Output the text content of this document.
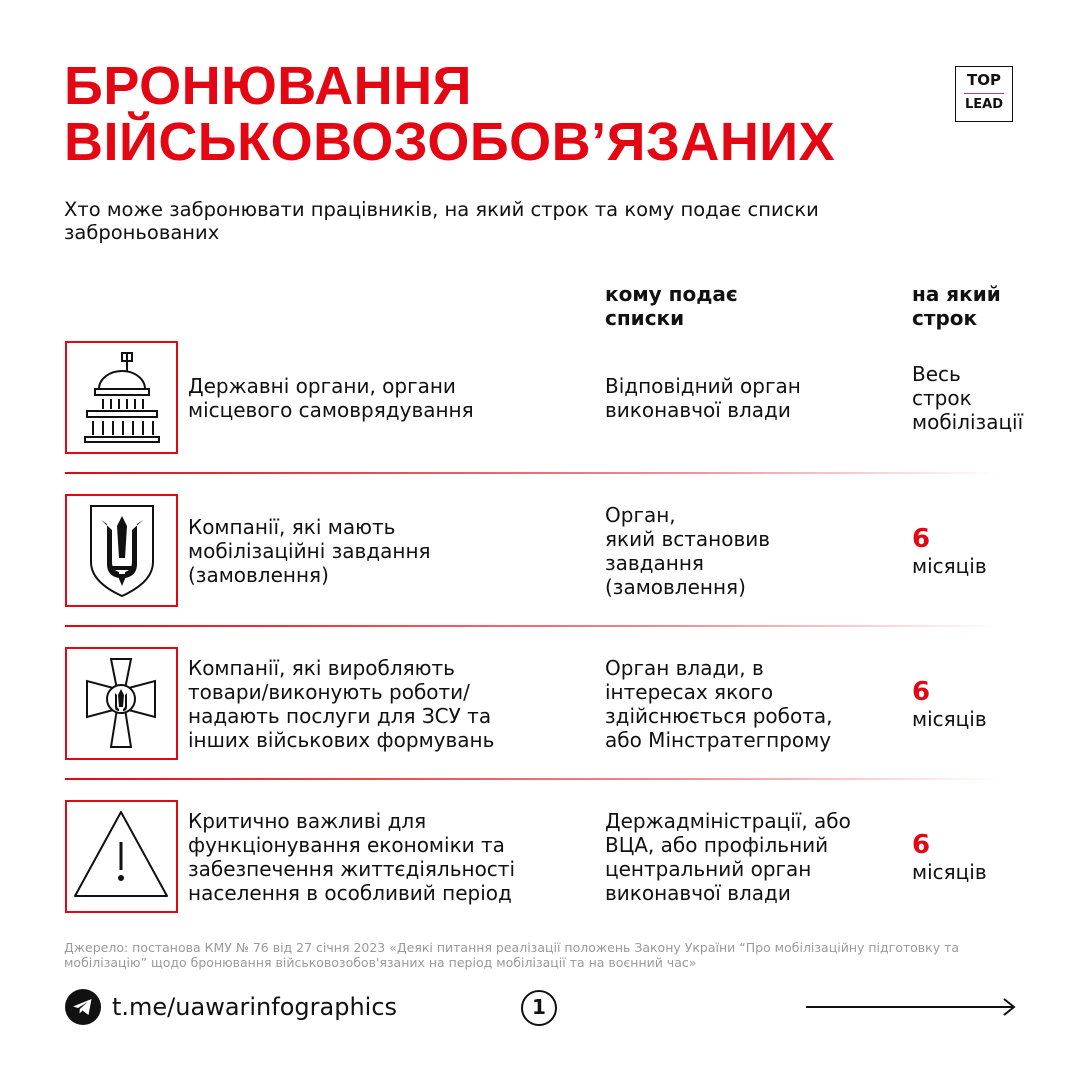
БРОНЮВАННЯ
ВІЙСЬКОВОЗОБОВ’ЯЗАНИХ
TOP
LEAD

Хто може забронювати працівників, на який строк та кому подає списки заброньованих

кому подає
списки
на який
строк
Державні органи, органи
місцевого самоврядування
Відповідний орган
виконавчої влади
Весь
строк
мобілізації
Компанії, які мають
мобілізаційні завдання
(замовлення)
Орган,
який встановив
завдання
(замовлення)
6
місяців
Компанії, які виробляють
товари/виконують роботи/
надають послуги для ЗСУ та
інших військових формувань
Орган влади, в
інтересах якого
здійснюється робота,
або Мінстратегпрому
6
місяців
Критично важливі для
функціонування економіки та
забезпечення життєдіяльності
населення в особливий період
Держадміністрації, або
ВЦА, або профільний
центральний орган
виконавчої влади
6
місяців

Джерело: постанова КМУ № 76 від 27 січня 2023 «Деякі питання реалізації положень Закону України “Про мобілізаційну підготовку та мобілізацію” щодо бронювання військовозобов'язаних на період мобілізації та на воєнний час»

t.me/uawarinfographics	1
